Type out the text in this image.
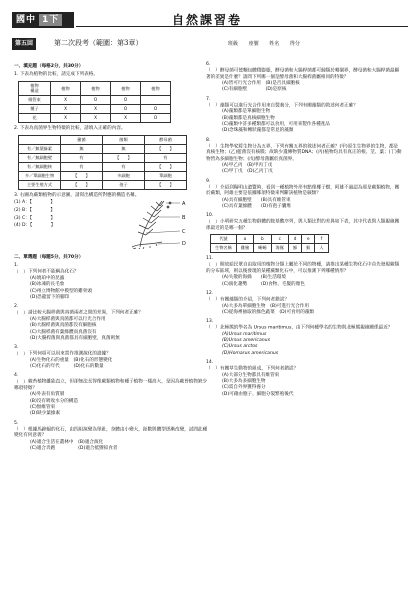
國中 1下	自然課習卷
第五回	第二次段考（範圍：第3章）	班級 座號 姓名 得分
一、填充題（每格2分，共30分）
1. 下表為植物的比較，請完成下列表格。
植物
構造	植物	植物	植物	植物
維管束	X	O	O	
種子	X	X	O	O
花	X	X	X	O
2. 下表為真菌界生物特徵的比較，請填入正確的內容。
	黴菌	菌類	酵母菌
有／無葉綠素	無	無	【　　】
有／無細胞壁	有	【　　】	有
有／無細胞核	有	有	【　　】
多／單細胞生物	【　　】	多細胞	單細胞
主要生殖方式	【　　】	孢子	【　　】
3. 右圖為蕨類植物的示意圖，請寫出構造所對應的構造名稱。
(1) A：【　　　　】
(2) B：【　　　　】
(3) C：【　　　　】
(4) D：【　　　　】
A
B
C
D
二、單選題（每題5分，共70分）
1.（　）下列何者不能稱為化石？
(A)琥珀中的昆蟲
(B)冰凍的長毛象
(C)州立博物館中模型的雞骨頭
(D)恐龍留下的腳印
2.（　）請比較大腸桿菌與真菌兩者之間的差異，下列何者正確？
(A)大腸桿菌與真菌都可以行光合作用
(B)大腸桿菌與真菌都沒有細胞核
(C)大腸桿菌有葉綠體而真菌沒有
(D)大腸桿菌與真菌都具有細胞壁，真菌則無
3.（　）下列何項可以用來當作推測演化的證據？
(A)生物化石的重量　(B)化石的形態變化
(C)化石的年代　　　(D)化石的數量
4.（　）蕨苔植物雖能直立，但卻無法長得像蕨類植物和種子植物一樣高大，是因為蕨苔植物缺少哪項特徵？
(A)外表有角質層
(B)沒有吸收水分的構造
(C)無維管束
(D)缺少葉綠素
5.（　）根據馬蹄蝠的化石，由四組演變為單趾，身體由小變大，趾數與體型逐漸改變，試問此種變化有何意義？
(A)適合生活在叢林中　(B)適合演化
(C)適合奔跑　　　　　(D)適合抵禦掠食者
6.（　）酵母菌可使麵包體積膨脹，酵母菌和大腸桿菌都可歸類於哪個界，酵母菌和大腸桿菌最顯著的差異是什麼？請問下列哪一個是酵母菌和大腸桿菌屬相同的特徵？
(A)皆可行光合作用　(B)是否具細胞核
(C)有細胞壁　　　　(D)是原核
7.（　）藻類可以進行光合作用來自製養分，下列有關藻類的敘述何者正確？
(A)藻類都是單細胞生物
(B)藻類都是真核細胞生物
(C)藻類中許多種類都可以食用，可用來製作各種產品
(D)念珠藻和轉狀藻都是常見的藻類
8.（　）生物學家將生物分為五界，下列有關五界的敘述何者正確？(甲)原生生物界的生物，都是真核生物；(乙)藍菌沒有核膜；故缺少遺傳物質DNA；(丙)植物均具有真正的根、莖、葉；(丁)動物皆為多細胞生物；(戊)酵母菌屬於真菌界。
(A)甲乙丙　(B)甲丙丁戊
(C)甲丁戊　(D)乙丙丁戊
9.（　）介紹到陽明山遊覽時，看到一種植物外形有點像椰子樹，阿雄不過認為那是蕨類植物，關於蕨類，阿雄主要是依據哪項特徵來判斷該植物是蕨類？
(A)具有細胞壁　　(B)具有維管束
(C)具有葉綠體　　(D)有孢子囊堆
10.（　）小明研究五種生物群體的胺基酸序列，與人類比對的差異如下表，其中代表與人類親緣關係最近的是哪一個？
代號	a	b	c	d	e	f
生物名稱	雞豬	蜥蜴	海豚	鯨	猴	人
11.（　）開放給民眾自由取用的植物分類上屬於不同的物種，請推出某種生物化石中首先發現蕨類的分布區域，則以後發現的某種蕨類化石中，可以推測下列哪種情形？
(A)失散的海綿　　(B)生活環境
(C)演化趨勢　　　(D)食物、毛髮的顏色
12.（　）有關藻類的介紹，下列何者錯誤？
(A)大多為單細胞生物　(B)可進行光合作用
(C)從海裡抽取的綠色蔬菜　(D)可食用的藻類
13.（　）北極熊的學名為 Ursus maritimus，由下列何種學名的生物與北極熊親緣關係最近？
(A)Ursus maritimus
(B)Ursus americanus
(C)Ursus arctos
(D)Homarus americanus
14.（　）有關草生動物的組成，下列何者錯誤？
(A)大部分生物都具有維管束
(B)大多為多細胞生物
(C)需自外界獲得養分
(D)可藉由胞子、細胞分裂繁殖後代
